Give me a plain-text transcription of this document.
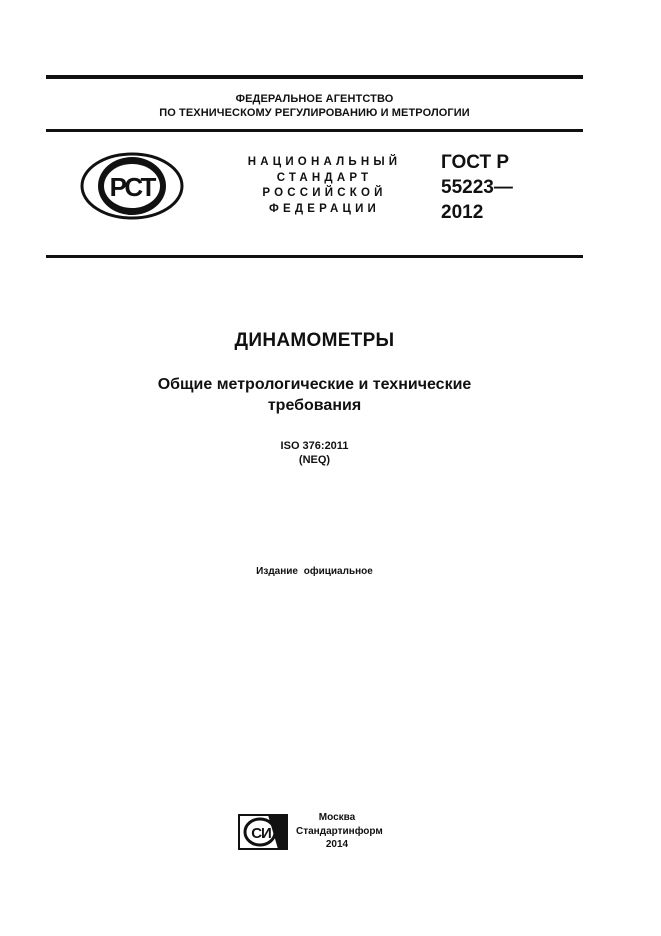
ФЕДЕРАЛЬНОЕ АГЕНТСТВО
ПО ТЕХНИЧЕСКОМУ РЕГУЛИРОВАНИЮ И МЕТРОЛОГИИ
РСТ
НАЦИОНАЛЬНЫЙ
СТАНДАРТ
РОССИЙСКОЙ
ФЕДЕРАЦИИ
ГОСТ Р
55223—
2012
ДИНАМОМЕТРЫ
Общие метрологические и технические
требования
ISO 376:2011
(NEQ)
Издание официальное
СИ
Москва
Стандартинформ
2014
